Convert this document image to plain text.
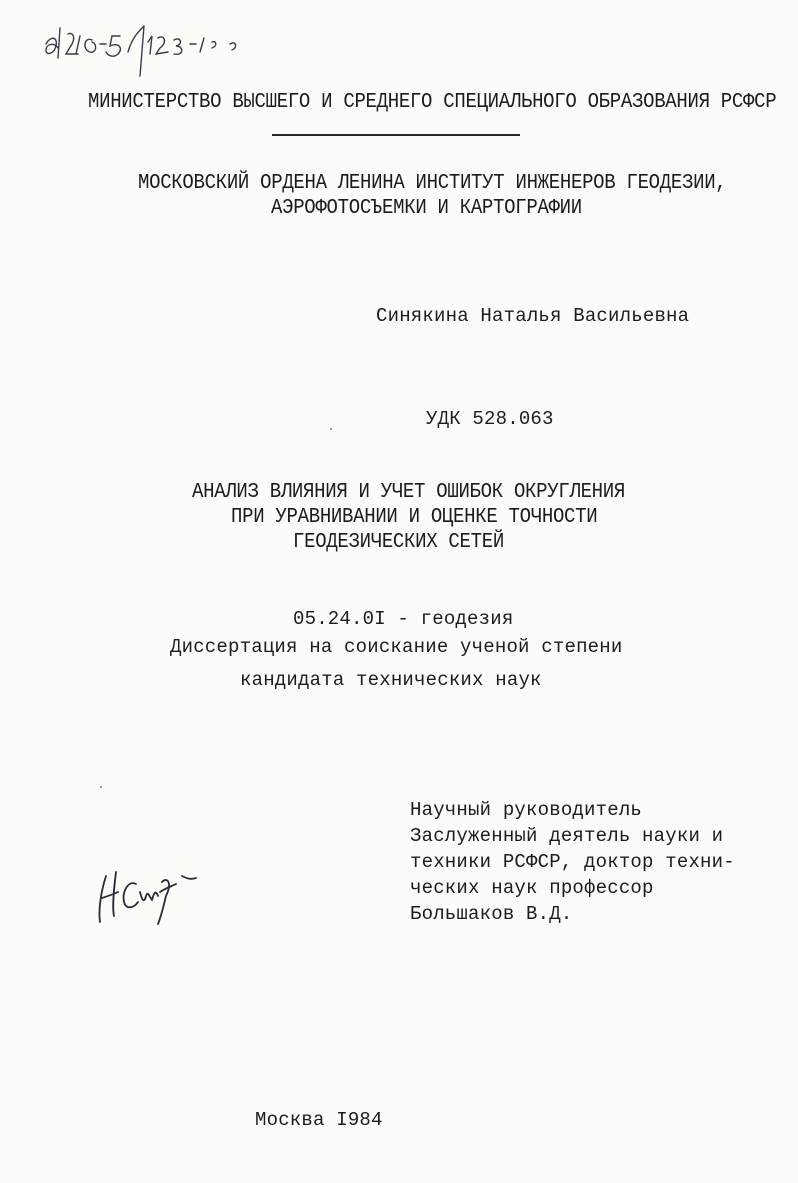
МИНИСТЕРСТВО ВЫСШЕГО И СРЕДНЕГО СПЕЦИАЛЬНОГО ОБРАЗОВАНИЯ РСФСР
МОСКОВСКИЙ ОРДЕНА ЛЕНИНА ИНСТИТУТ ИНЖЕНЕРОВ ГЕОДЕЗИИ,
АЭРОФОТОСЪЕМКИ И КАРТОГРАФИИ
Синякина Наталья Васильевна
УДК 528.063
АНАЛИЗ ВЛИЯНИЯ И УЧЕТ ОШИБОК ОКРУГЛЕНИЯ
ПРИ УРАВНИВАНИИ И ОЦЕНКЕ ТОЧНОСТИ
ГЕОДЕЗИЧЕСКИХ СЕТЕЙ
05.24.0I - геодезия
Диссертация на соискание ученой степени
кандидата технических наук
Научный руководитель
Заслуженный деятель науки и
техники РСФСР, доктор техни-
ческих наук профессор
Большаков В.Д.
Москва I984
